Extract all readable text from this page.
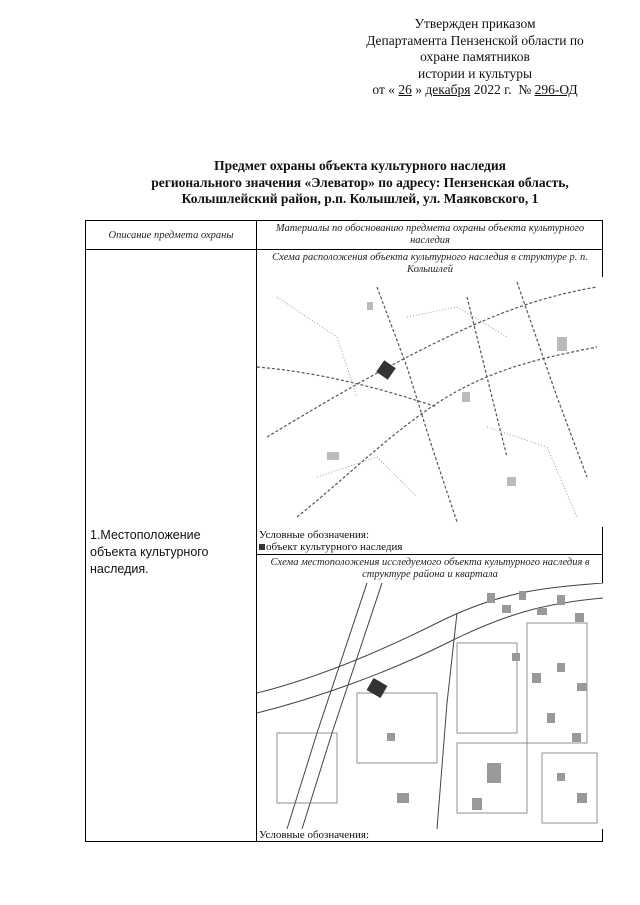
Утвержден приказом
Департамента Пензенской области по
охране памятников
истории и культуры
от « 26 » декабря 2022 г. № 296-ОД
Предмет охраны объекта культурного наследия
регионального значения «Элеватор» по адресу: Пензенская область,
Колышлейский район, р.п. Колышлей, ул. Маяковского, 1
Описание предмета охраны
Материалы по обоснованию предмета охраны объекта культурного наследия
1.Местоположение объекта культурного наследия.
Схема расположения объекта культурного наследия в структуре р. п. Колышлей
Условные обозначения:
объект культурного наследия
Схема местоположения исследуемого объекта культурного наследия в структуре района и квартала
Условные обозначения:
